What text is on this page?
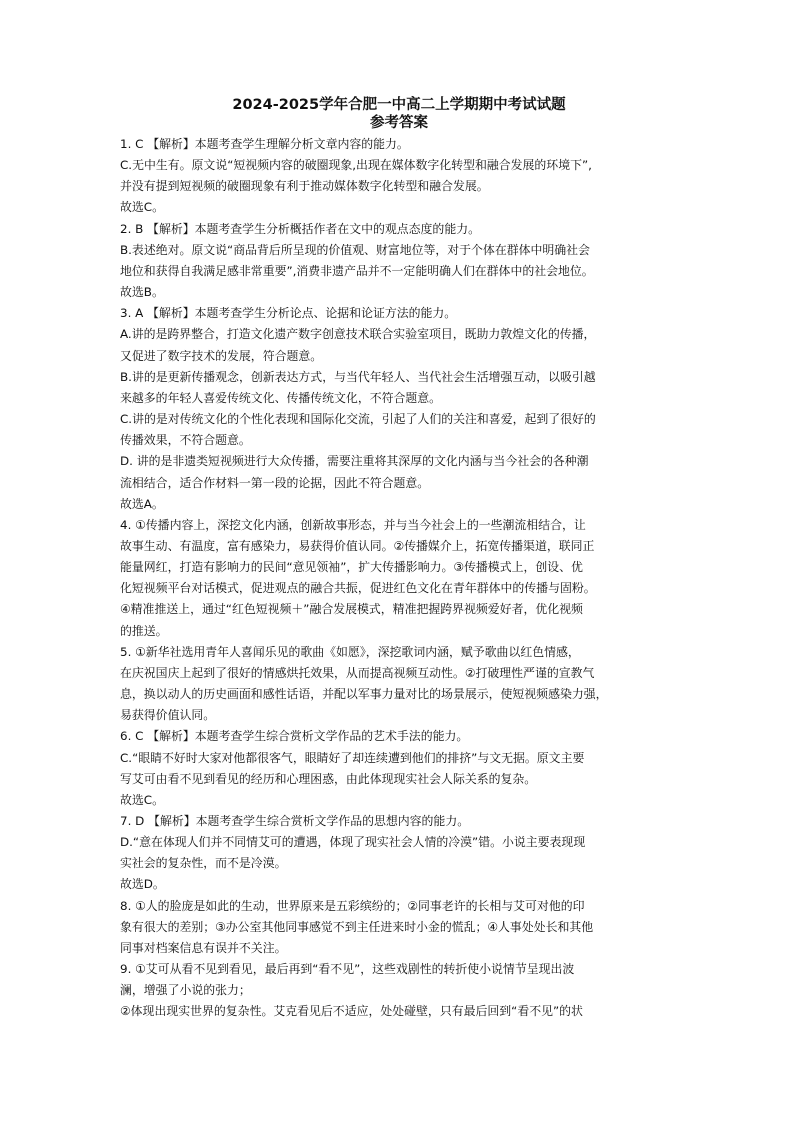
2024-2025学年合肥一中高二上学期期中考试试题

参考答案

1. C 【解析】本题考查学生理解分析文章内容的能力。

C.无中生有。原文说“短视频内容的破圈现象,出现在媒体数字化转型和融合发展的环境下”,

并没有提到短视频的破圈现象有利于推动媒体数字化转型和融合发展。

故选C。

2. B 【解析】本题考查学生分析概括作者在文中的观点态度的能力。

B.表述绝对。原文说“商品背后所呈现的价值观、财富地位等，对于个体在群体中明确社会

地位和获得自我满足感非常重要”,消费非遗产品并不一定能明确人们在群体中的社会地位。

故选B。

3. A 【解析】本题考查学生分析论点、论据和论证方法的能力。

A.讲的是跨界整合，打造文化遗产数字创意技术联合实验室项目，既助力敦煌文化的传播，

又促进了数字技术的发展，符合题意。

B.讲的是更新传播观念，创新表达方式，与当代年轻人、当代社会生活增强互动，以吸引越

来越多的年轻人喜爱传统文化、传播传统文化，不符合题意。

C.讲的是对传统文化的个性化表现和国际化交流，引起了人们的关注和喜爱，起到了很好的

传播效果，不符合题意。

D. 讲的是非遗类短视频进行大众传播，需要注重将其深厚的文化内涵与当今社会的各种潮

流相结合，适合作材料一第一段的论据，因此不符合题意。

故选A。

4. ①传播内容上，深挖文化内涵，创新故事形态，并与当今社会上的一些潮流相结合，让

故事生动、有温度，富有感染力，易获得价值认同。②传播媒介上，拓宽传播渠道，联同正

能量网红，打造有影响力的民间“意见领袖”，扩大传播影响力。③传播模式上，创设、优

化短视频平台对话模式，促进观点的融合共振，促进红色文化在青年群体中的传播与固粉。

④精准推送上，通过“红色短视频＋”融合发展模式，精准把握跨界视频爱好者，优化视频

的推送。

5. ①新华社选用青年人喜闻乐见的歌曲《如愿》，深挖歌词内涵，赋予歌曲以红色情感，

在庆祝国庆上起到了很好的情感烘托效果，从而提高视频互动性。②打破理性严谨的宣教气

息，换以动人的历史画面和感性话语，并配以军事力量对比的场景展示，使短视频感染力强，

易获得价值认同。

6. C 【解析】本题考查学生综合赏析文学作品的艺术手法的能力。

C.“眼睛不好时大家对他都很客气，眼睛好了却连续遭到他们的排挤”与文无据。原文主要

写艾可由看不见到看见的经历和心理困惑，由此体现现实社会人际关系的复杂。

故选C。

7. D 【解析】本题考查学生综合赏析文学作品的思想内容的能力。

D.“意在体现人们并不同情艾可的遭遇，体现了现实社会人情的冷漠”错。小说主要表现现

实社会的复杂性，而不是冷漠。

故选D。

8. ①人的脸庞是如此的生动，世界原来是五彩缤纷的；②同事老许的长相与艾可对他的印

象有很大的差别；③办公室其他同事感觉不到主任进来时小金的慌乱；④人事处处长和其他

同事对档案信息有误并不关注。

9. ①艾可从看不见到看见，最后再到“看不见”，这些戏剧性的转折使小说情节呈现出波

澜，增强了小说的张力；

②体现出现实世界的复杂性。艾克看见后不适应，处处碰壁，只有最后回到“看不见”的状
